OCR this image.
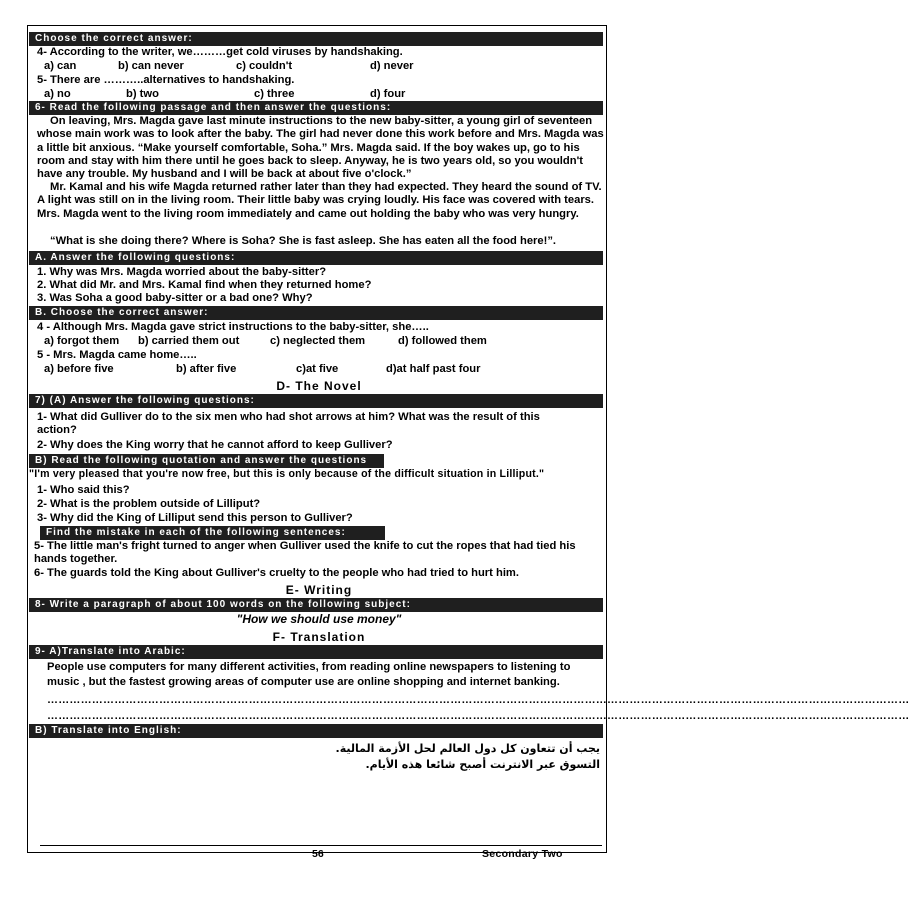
Choose the correct answer:
4- According to the writer, we………get cold viruses by handshaking.
a) can	b) can never	c) couldn't	d) never
5- There are ………..alternatives to handshaking.
a) no	b) two	c) three	d) four
6- Read the following passage and then answer the questions:
On leaving, Mrs. Magda gave last minute instructions to the new baby-sitter, a young girl of seventeen whose main work was to look after the baby. The girl had never done this work before and Mrs. Magda was a little bit anxious. “Make yourself comfortable, Soha.” Mrs. Magda said. If the boy wakes up, go to his room and stay with him there until he goes back to sleep. Anyway, he is two years old, so you wouldn't have any trouble. My husband and I will be back at about five o'clock.”
Mr. Kamal and his wife Magda returned rather later than they had expected. They heard the sound of TV. A light was still on in the living room. Their little baby was crying loudly. His face was covered with tears. Mrs. Magda went to the living room immediately and came out holding the baby who was very hungry.
“What is she doing there? Where is Soha? She is fast asleep. She has eaten all the food here!”.
A. Answer the following questions:
1. Why was Mrs. Magda worried about the baby-sitter?
2. What did Mr. and Mrs. Kamal find when they returned home?
3. Was Soha a good baby-sitter or a bad one? Why?
B. Choose the correct answer:
4 - Although Mrs. Magda gave strict instructions to the baby-sitter, she…..
a) forgot them b) carried them out	c) neglected them	d) followed them
5 - Mrs. Magda came home…..
a) before five	b) after five	c)at five	d)at half past four
D- The Novel
7) (A) Answer the following questions:
1- What did Gulliver do to the six men who had shot arrows at him? What was the result of this action?
2- Why does the King worry that he cannot afford to keep Gulliver?
B) Read the following quotation and answer the questions
"I'm very pleased that you're now free, but this is only because of the difficult situation in Lilliput."
1- Who said this?
2- What is the problem outside of Lilliput?
3- Why did the King of Lilliput send this person to Gulliver?
Find the mistake in each of the following sentences:
5- The little man's fright turned to anger when Gulliver used the knife to cut the ropes that had tied his hands together.
6- The guards told the King about Gulliver's cruelty to the people who had tried to hurt him.
E- Writing
8- Write a paragraph of about 100 words on the following subject:
"How we should use money"
F- Translation
9- A)Translate into Arabic:
People use computers for many different activities, from reading online newspapers to listening to music , but the fastest growing areas of computer use are online shopping and internet banking.
……………………………………………………………………………………………………………………………………………………………………………………………………………
……………………………………………………………………………………………………………………………………………………………………………………………………………
B) Translate into English:
يجب أن تتعاون كل دول العالم لحل الأزمة المالية.
التسوق عبر الانترنت أصبح شائعا هذه الأيام.
56	Secondary Two
